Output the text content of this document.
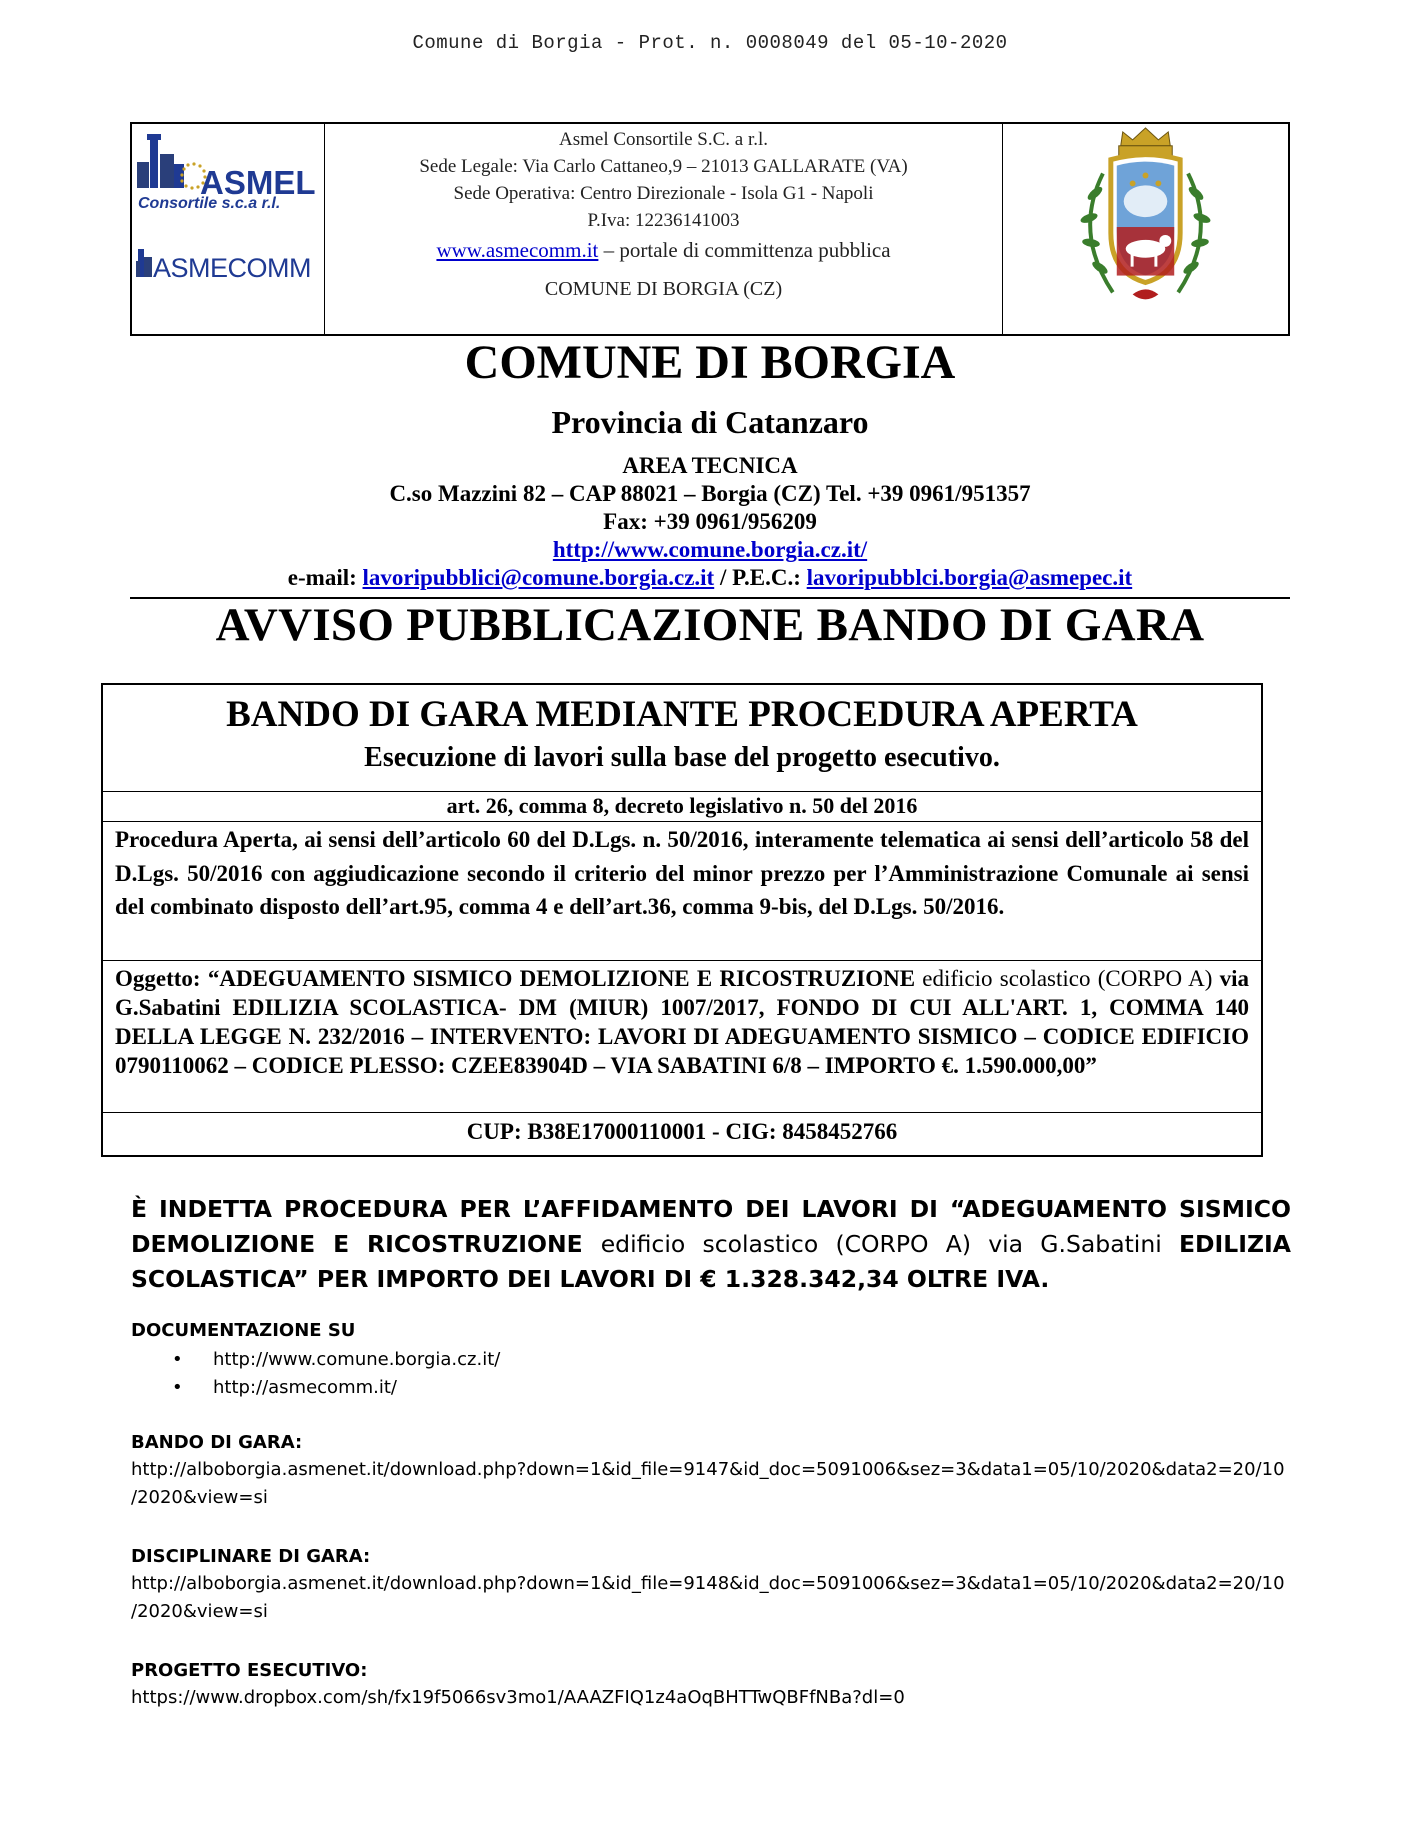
Comune di Borgia - Prot. n. 0008049 del 05-10-2020
ASMEL
Consortile s.c.a r.l.
ASMECOMM
Asmel Consortile S.C. a r.l.
Sede Legale: Via Carlo Cattaneo,9 – 21013 GALLARATE (VA)
Sede Operativa: Centro Direzionale - Isola G1 - Napoli
P.Iva: 12236141003
www.asmecomm.it – portale di committenza pubblica
COMUNE DI BORGIA (CZ)
COMUNE DI BORGIA
Provincia di Catanzaro
AREA TECNICA
C.so Mazzini 82 – CAP 88021 – Borgia (CZ) Tel. +39 0961/951357
Fax: +39 0961/956209
http://www.comune.borgia.cz.it/
e-mail: lavoripubblici@comune.borgia.cz.it / P.E.C.: lavoripubblci.borgia@asmepec.it
AVVISO PUBBLICAZIONE BANDO DI GARA
BANDO DI GARA MEDIANTE PROCEDURA APERTA
Esecuzione di lavori sulla base del progetto esecutivo.
art. 26, comma 8, decreto legislativo n. 50 del 2016
Procedura Aperta, ai sensi dell’articolo 60 del D.Lgs. n. 50/2016, interamente telematica ai sensi dell’articolo 58 del D.Lgs. 50/2016 con aggiudicazione secondo il criterio del minor prezzo per l’Amministrazione Comunale ai sensi del combinato disposto dell’art.95, comma 4 e dell’art.36, comma 9-bis, del D.Lgs. 50/2016.
Oggetto: “ADEGUAMENTO SISMICO DEMOLIZIONE E RICOSTRUZIONE edificio scolastico (CORPO A) via G.Sabatini EDILIZIA SCOLASTICA- DM (MIUR) 1007/2017, FONDO DI CUI ALL'ART. 1, COMMA 140 DELLA LEGGE N. 232/2016 – INTERVENTO: LAVORI DI ADEGUAMENTO SISMICO – CODICE EDIFICIO 0790110062 – CODICE PLESSO: CZEE83904D – VIA SABATINI 6/8 – IMPORTO €. 1.590.000,00”
CUP: B38E17000110001 - CIG: 8458452766
È INDETTA PROCEDURA PER L’AFFIDAMENTO DEI LAVORI DI “ADEGUAMENTO SISMICO DEMOLIZIONE E RICOSTRUZIONE edificio scolastico (CORPO A) via G.Sabatini EDILIZIA SCOLASTICA” PER IMPORTO DEI LAVORI DI € 1.328.342,34 OLTRE IVA.
DOCUMENTAZIONE SU
• http://www.comune.borgia.cz.it/
• http://asmecomm.it/
BANDO DI GARA:
http://alboborgia.asmenet.it/download.php?down=1&id_file=9147&id_doc=5091006&sez=3&data1=05/10/2020&data2=20/10
/2020&view=si
DISCIPLINARE DI GARA:
http://alboborgia.asmenet.it/download.php?down=1&id_file=9148&id_doc=5091006&sez=3&data1=05/10/2020&data2=20/10
/2020&view=si
PROGETTO ESECUTIVO:
https://www.dropbox.com/sh/fx19f5066sv3mo1/AAAZFIQ1z4aOqBHTTwQBFfNBa?dl=0
